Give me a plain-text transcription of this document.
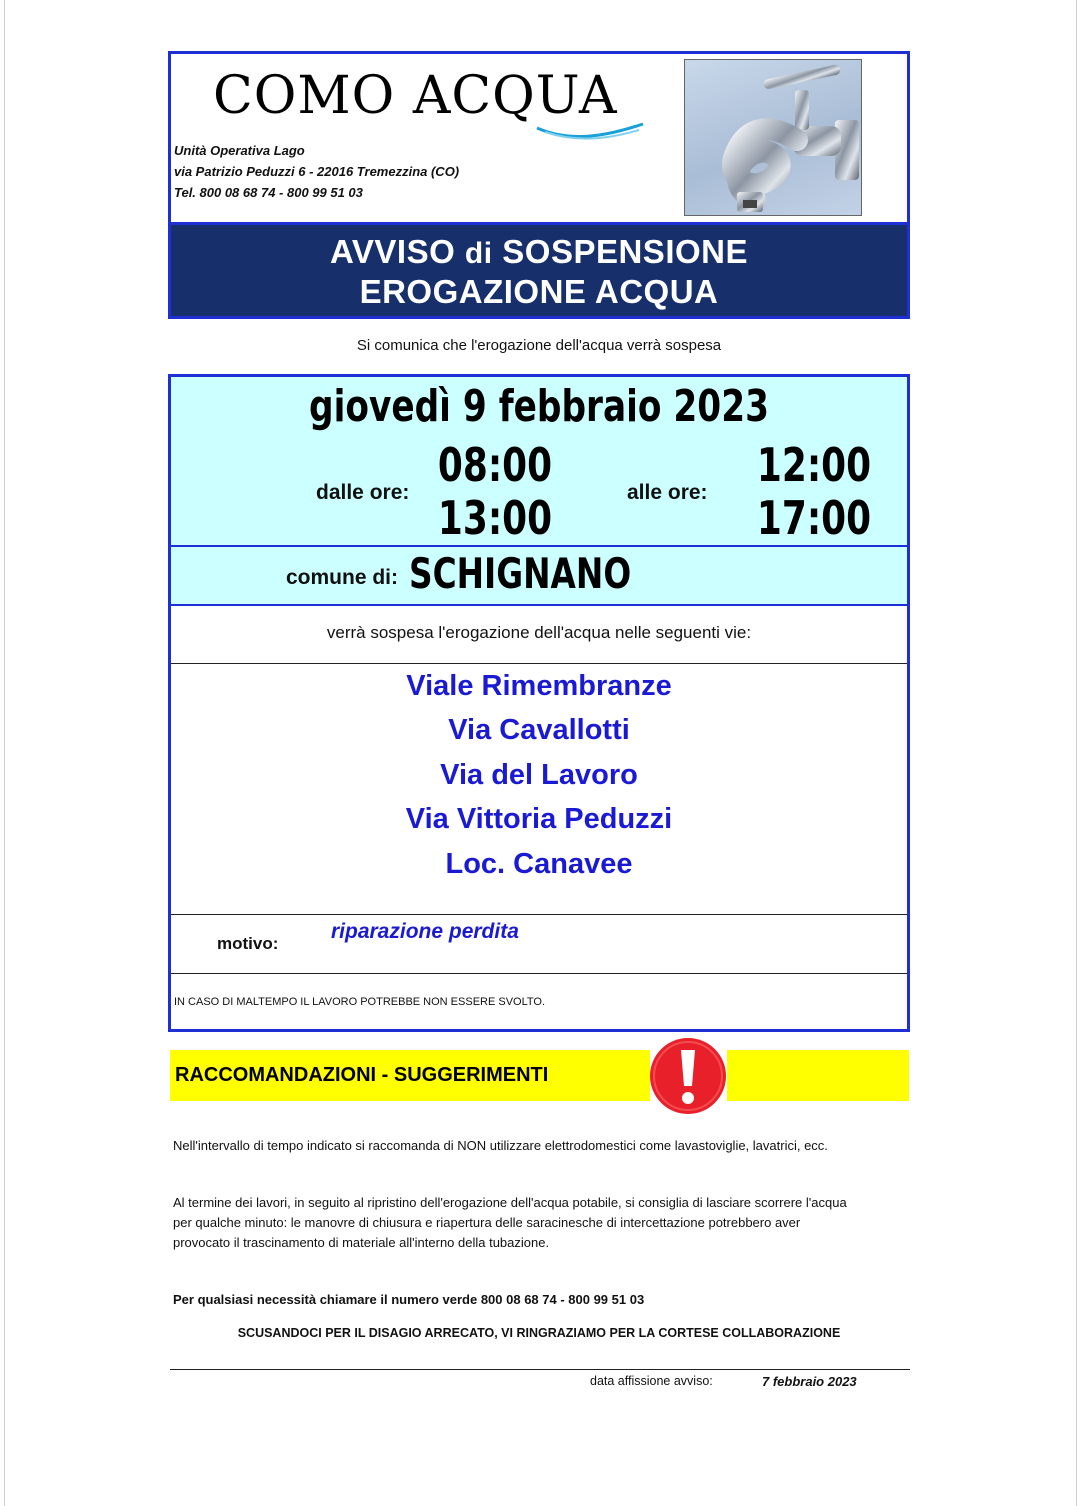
COMO ACQUA
Unità Operativa Lago
via Patrizio Peduzzi 6 - 22016 Tremezzina (CO)
Tel. 800 08 68 74 - 800 99 51 03
AVVISO di SOSPENSIONE
EROGAZIONE ACQUA
Si comunica che l'erogazione dell'acqua verrà sospesa
giovedì 9 febbraio 2023
dalle ore:
08:00
13:00	alle ore:
12:00
17:00
comune di: SCHIGNANO
verrà sospesa l'erogazione dell'acqua nelle seguenti vie:
Viale Rimembranze
Via Cavallotti
Via del Lavoro
Via Vittoria Peduzzi
Loc. Canavee
motivo:
riparazione perdita
IN CASO DI MALTEMPO IL LAVORO POTREBBE NON ESSERE SVOLTO.
RACCOMANDAZIONI - SUGGERIMENTI
Nell'intervallo di tempo indicato si raccomanda di NON utilizzare elettrodomestici come lavastoviglie, lavatrici, ecc.
Al termine dei lavori, in seguito al ripristino dell'erogazione dell'acqua potabile, si consiglia di lasciare scorrere l'acqua
per qualche minuto: le manovre di chiusura e riapertura delle saracinesche di intercettazione potrebbero aver
provocato il trascinamento di materiale all'interno della tubazione.
Per qualsiasi necessità chiamare il numero verde 800 08 68 74 - 800 99 51 03
SCUSANDOCI PER IL DISAGIO ARRECATO, VI RINGRAZIAMO PER LA CORTESE COLLABORAZIONE
data affissione avviso:	7 febbraio 2023
